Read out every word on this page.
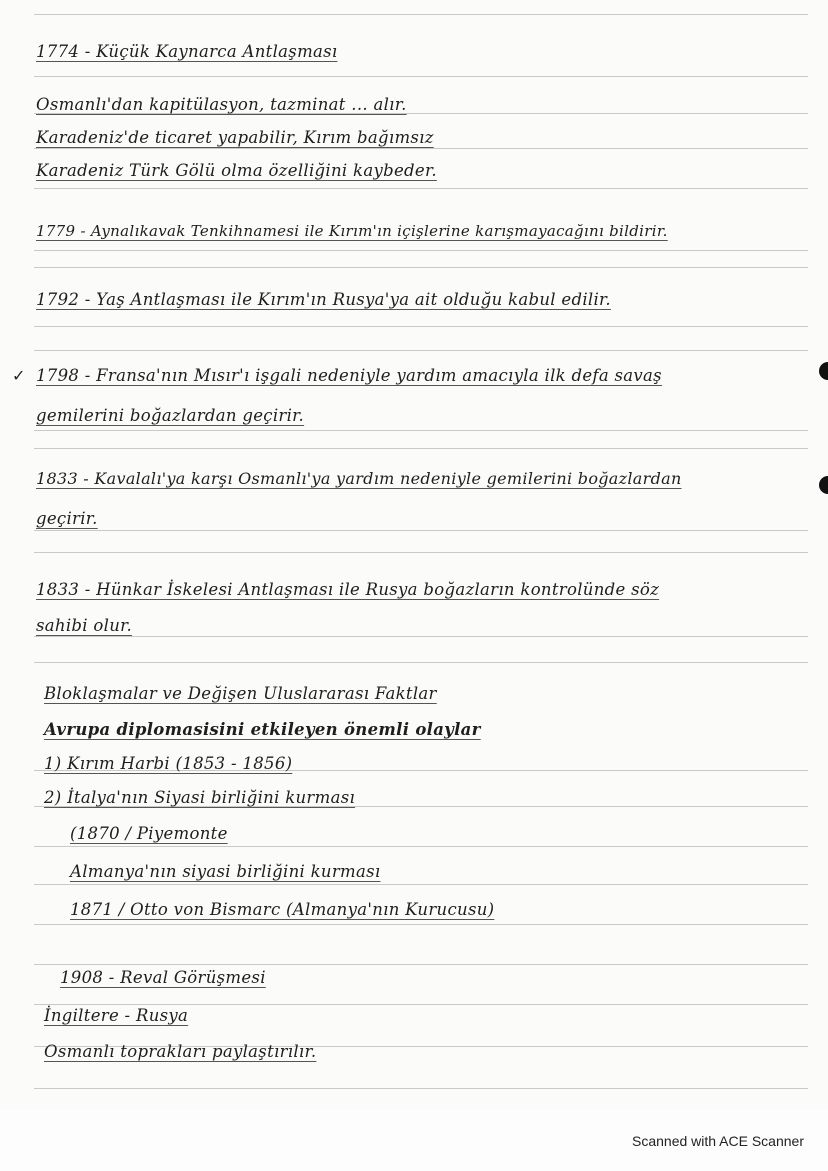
✓
1774 - Küçük Kaynarca Antlaşması
Osmanlı'dan kapitülasyon, tazminat ... alır.
Karadeniz'de ticaret yapabilir, Kırım bağımsız
Karadeniz Türk Gölü olma özelliğini kaybeder.
1779 - Aynalıkavak Tenkihnamesi ile Kırım'ın içişlerine karışmayacağını bildirir.
1792 - Yaş Antlaşması ile Kırım'ın Rusya'ya ait olduğu kabul edilir.
1798 - Fransa'nın Mısır'ı işgali nedeniyle yardım amacıyla ilk defa savaş
gemilerini boğazlardan geçirir.
1833 - Kavalalı'ya karşı Osmanlı'ya yardım nedeniyle gemilerini boğazlardan
geçirir.
1833 - Hünkar İskelesi Antlaşması ile Rusya boğazların kontrolünde söz
sahibi olur.
Bloklaşmalar ve Değişen Uluslararası Faktlar
Avrupa diplomasisini etkileyen önemli olaylar
1) Kırım Harbi (1853 - 1856)
2) İtalya'nın Siyasi birliğini kurması
(1870 / Piyemonte
Almanya'nın siyasi birliğini kurması
1871 / Otto von Bismarc (Almanya'nın Kurucusu)
1908 - Reval Görüşmesi
İngiltere - Rusya
Osmanlı toprakları paylaştırılır.
Scanned with ACE Scanner
